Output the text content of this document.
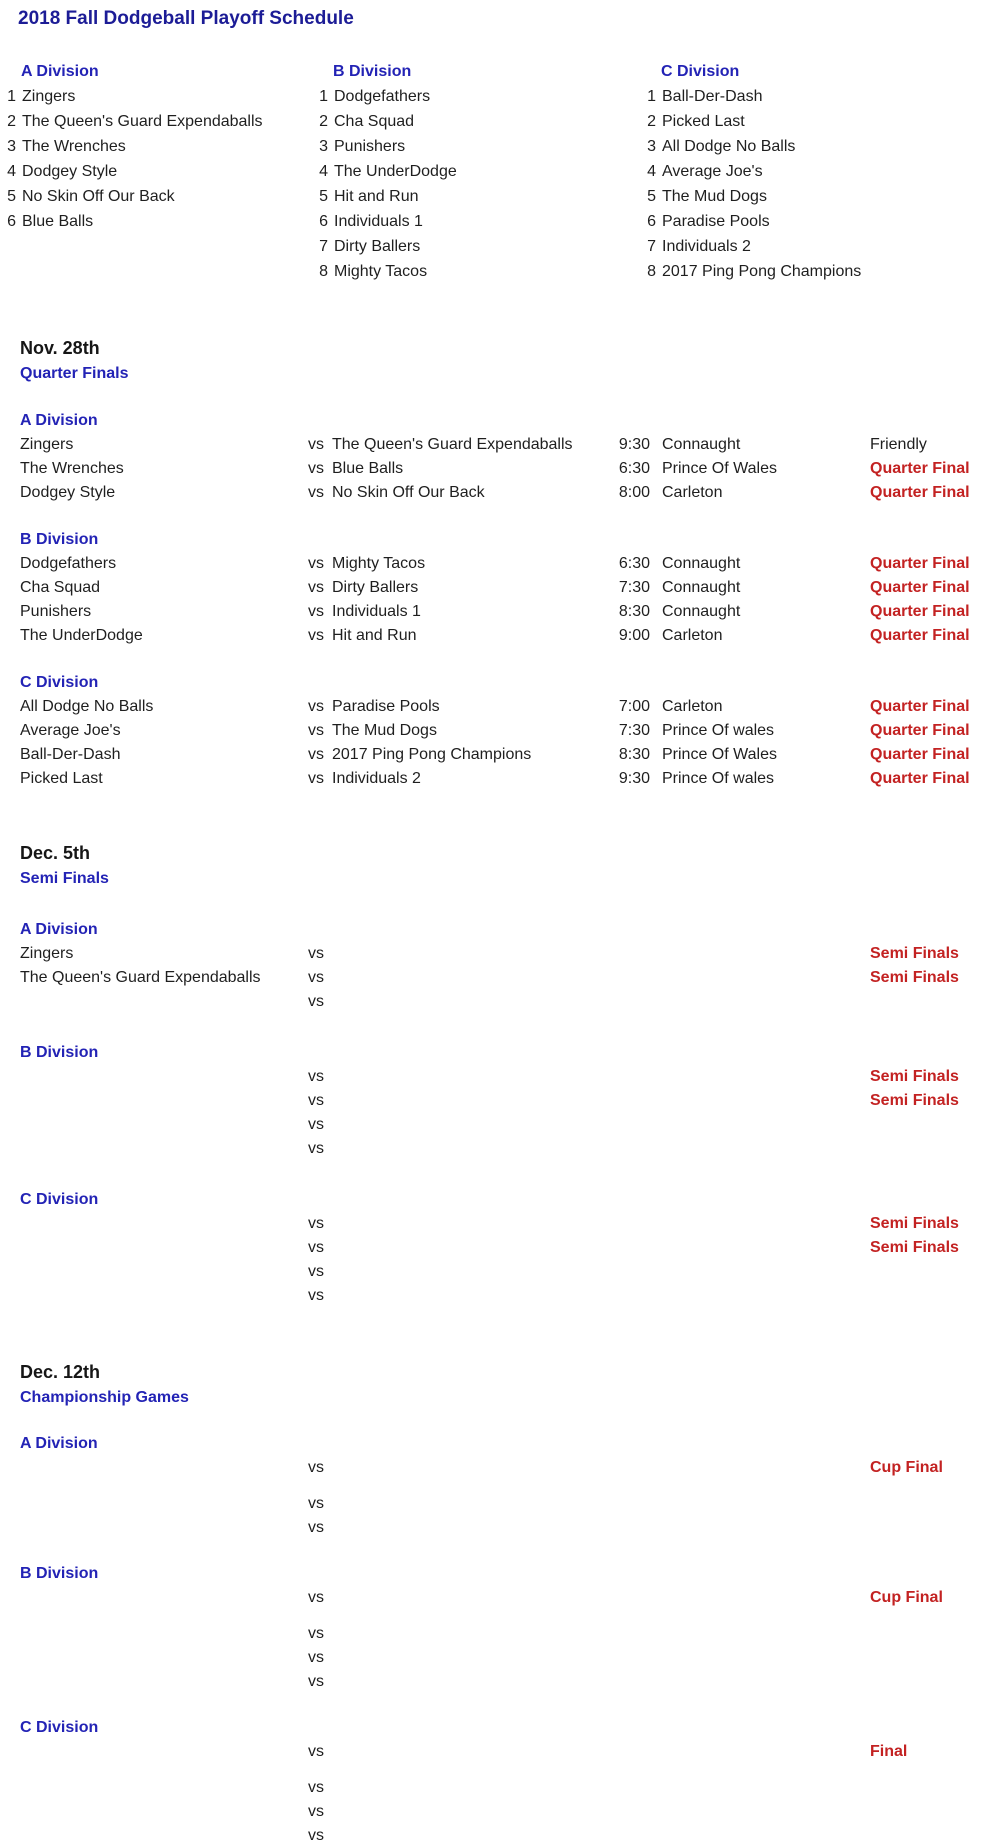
2018 Fall Dodgeball Playoff Schedule
A Division
1 Zingers
2 The Queen's Guard Expendaballs
3 The Wrenches
4 Dodgey Style
5 No Skin Off Our Back
6 Blue Balls
B Division
1 Dodgefathers
2 Cha Squad
3 Punishers
4 The UnderDodge
5 Hit and Run
6 Individuals 1
7 Dirty Ballers
8 Mighty Tacos
C Division
1 Ball-Der-Dash
2 Picked Last
3 All Dodge No Balls
4 Average Joe's
5 The Mud Dogs
6 Paradise Pools
7 Individuals 2
8 2017 Ping Pong Champions
Nov. 28th
Quarter Finals
A Division
Zingers	vs The Queen's Guard Expendaballs	9:30 Connaught	Friendly
The Wrenches	vs Blue Balls	6:30 Prince Of Wales	Quarter Final
Dodgey Style	vs No Skin Off Our Back	8:00 Carleton	Quarter Final
B Division
Dodgefathers	vs Mighty Tacos	6:30 Connaught	Quarter Final
Cha Squad	vs Dirty Ballers	7:30 Connaught	Quarter Final
Punishers	vs Individuals 1	8:30 Connaught	Quarter Final
The UnderDodge	vs Hit and Run	9:00 Carleton	Quarter Final
C Division
All Dodge No Balls	vs Paradise Pools	7:00 Carleton	Quarter Final
Average Joe's	vs The Mud Dogs	7:30 Prince Of wales	Quarter Final
Ball-Der-Dash	vs 2017 Ping Pong Champions	8:30 Prince Of Wales	Quarter Final
Picked Last	vs Individuals 2	9:30 Prince Of wales	Quarter Final
Dec. 5th
Semi Finals
A Division
Zingers	vs	Semi Finals
The Queen's Guard Expendaballs	vs	Semi Finals
vs
B Division
vs	Semi Finals
vs	Semi Finals
vs
vs
C Division
vs	Semi Finals
vs	Semi Finals
vs
vs
Dec. 12th
Championship Games
A Division
vs	Cup Final
vs
vs
B Division
vs	Cup Final
vs
vs
vs
C Division
vs	Final
vs
vs
vs
